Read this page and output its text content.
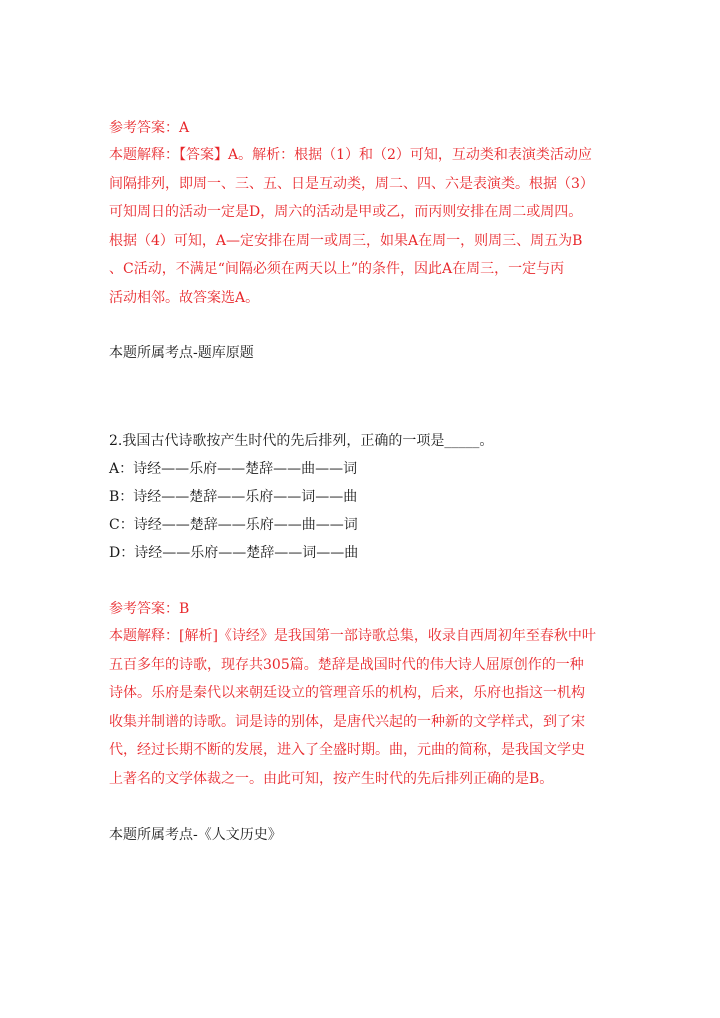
参考答案：A
本题解释：【答案】A。解析：根据（1）和（2）可知，互动类和表演类活动应
间隔排列，即周一、三、五、日是互动类，周二、四、六是表演类。根据（3）
可知周日的活动一定是D，周六的活动是甲或乙，而丙则安排在周二或周四。
根据（4）可知，A—定安排在周一或周三，如果A在周一，则周三、周五为B
、C活动，不满足“间隔必须在两天以上”的条件，因此A在周三，一定与丙
活动相邻。故答案选A。
本题所属考点-题库原题
2.我国古代诗歌按产生时代的先后排列，正确的一项是_____。
A：诗经——乐府——楚辞——曲——词
B：诗经——楚辞——乐府——词——曲
C：诗经——楚辞——乐府——曲——词
D：诗经——乐府——楚辞——词——曲
参考答案：B
本题解释：[解析]《诗经》是我国第一部诗歌总集，收录自西周初年至春秋中叶
五百多年的诗歌，现存共305篇。楚辞是战国时代的伟大诗人屈原创作的一种
诗体。乐府是秦代以来朝廷设立的管理音乐的机构，后来，乐府也指这一机构
收集并制谱的诗歌。词是诗的别体，是唐代兴起的一种新的文学样式，到了宋
代，经过长期不断的发展，进入了全盛时期。曲，元曲的简称，是我国文学史
上著名的文学体裁之一。由此可知，按产生时代的先后排列正确的是B。
本题所属考点-《人文历史》
